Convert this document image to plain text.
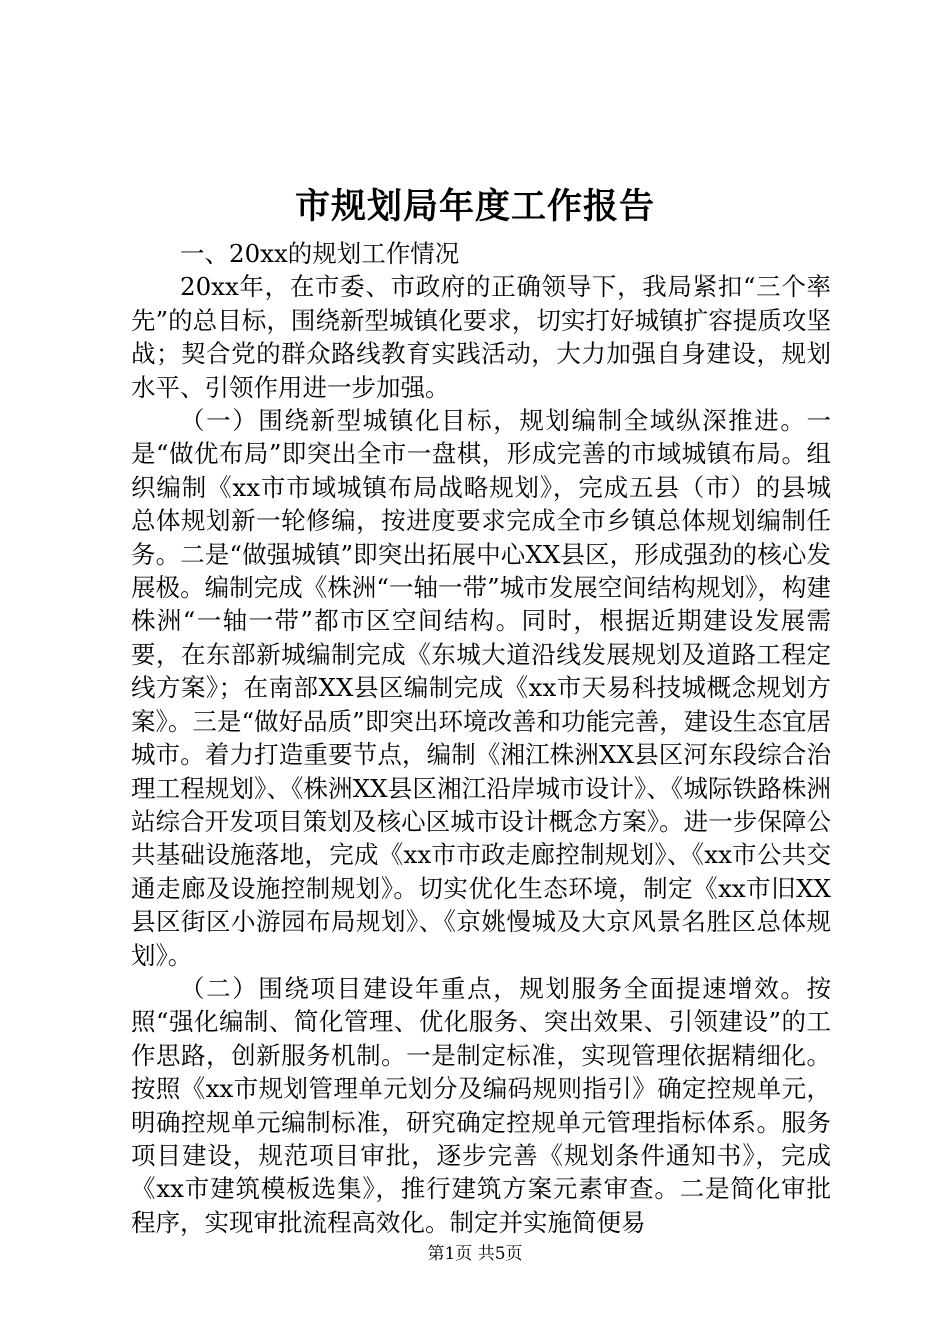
市规划局年度工作报告

一、20xx的规划工作情况

20xx年，在市委、市政府的正确领导下，我局紧扣“三个率先”的总目标，围绕新型城镇化要求，切实打好城镇扩容提质攻坚战；契合党的群众路线教育实践活动，大力加强自身建设，规划水平、引领作用进一步加强。

（一）围绕新型城镇化目标，规划编制全域纵深推进。一是“做优布局”即突出全市一盘棋，形成完善的市域城镇布局。组织编制《xx市市域城镇布局战略规划》，完成五县（市）的县城总体规划新一轮修编，按进度要求完成全市乡镇总体规划编制任务。二是“做强城镇”即突出拓展中心XX县区，形成强劲的核心发展极。编制完成《株洲“一轴一带”城市发展空间结构规划》，构建株洲“一轴一带”都市区空间结构。同时，根据近期建设发展需要，在东部新城编制完成《东城大道沿线发展规划及道路工程定线方案》；在南部XX县区编制完成《xx市天易科技城概念规划方案》。三是“做好品质”即突出环境改善和功能完善，建设生态宜居城市。着力打造重要节点，编制《湘江株洲XX县区河东段综合治理工程规划》、《株洲XX县区湘江沿岸城市设计》、《城际铁路株洲站综合开发项目策划及核心区城市设计概念方案》。进一步保障公共基础设施落地，完成《xx市市政走廊控制规划》、《xx市公共交通走廊及设施控制规划》。切实优化生态环境，制定《xx市旧XX县区街区小游园布局规划》、《京姚慢城及大京风景名胜区总体规划》。

（二）围绕项目建设年重点，规划服务全面提速增效。按照“强化编制、简化管理、优化服务、突出效果、引领建设”的工作思路，创新服务机制。一是制定标准，实现管理依据精细化。按照《xx市规划管理单元划分及编码规则指引》确定控规单元，明确控规单元编制标准，研究确定控规单元管理指标体系。服务项目建设，规范项目审批，逐步完善《规划条件通知书》，完成《xx市建筑模板选集》，推行建筑方案元素审查。二是简化审批程序，实现审批流程高效化。制定并实施简便易

第1页 共5页
